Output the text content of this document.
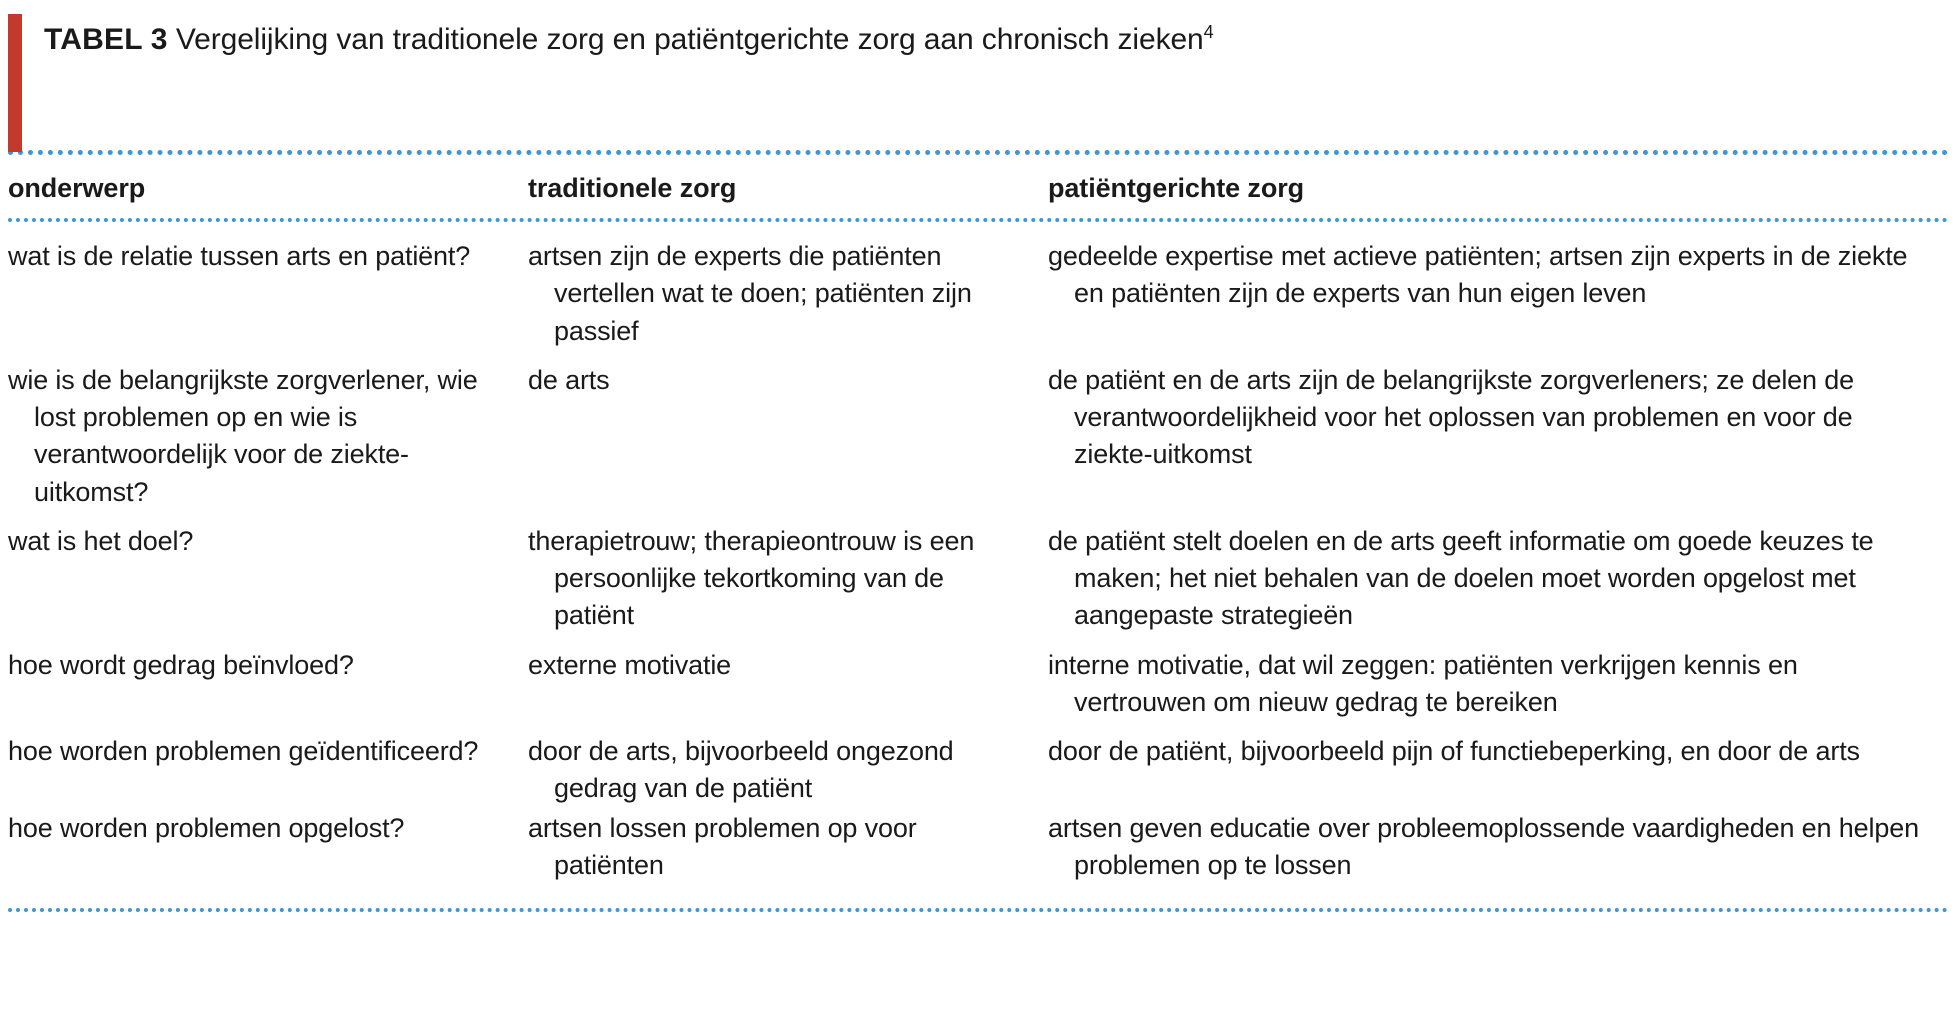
TABEL 3 Vergelijking van traditionele zorg en patiëntgerichte zorg aan chronisch zieken$^4$
onderwerp	traditionele zorg	patiëntgerichte zorg
wat is de relatie tussen arts en patiënt?	artsen zijn de experts die patiënten vertellen wat te doen; patiënten zijn passief	gedeelde expertise met actieve patiënten; artsen zijn experts in de ziekte en patiënten zijn de experts van hun eigen leven

wie is de belangrijkste zorgverlener, wie lost problemen op en wie is verantwoordelijk voor de ziekte-uitkomst?	de arts	de patiënt en de arts zijn de belangrijkste zorgverleners; ze delen de verantwoordelijkheid voor het oplossen van problemen en voor de ziekte-uitkomst

wat is het doel?	therapietrouw; therapieontrouw is een persoonlijke tekortkoming van de patiënt	de patiënt stelt doelen en de arts geeft informatie om goede keuzes te maken; het niet behalen van de doelen moet worden opgelost met aangepaste strategieën

hoe wordt gedrag beïnvloed?	externe motivatie	interne motivatie, dat wil zeggen: patiënten verkrijgen kennis en vertrouwen om nieuw gedrag te bereiken

hoe worden problemen geïdentificeerd?	door de arts, bijvoorbeeld ongezond gedrag van de patiënt	door de patiënt, bijvoorbeeld pijn of functiebeperking, en door de arts

hoe worden problemen opgelost?	artsen lossen problemen op voor patiënten	artsen geven educatie over probleemoplossende vaardigheden en helpen problemen op te lossen
